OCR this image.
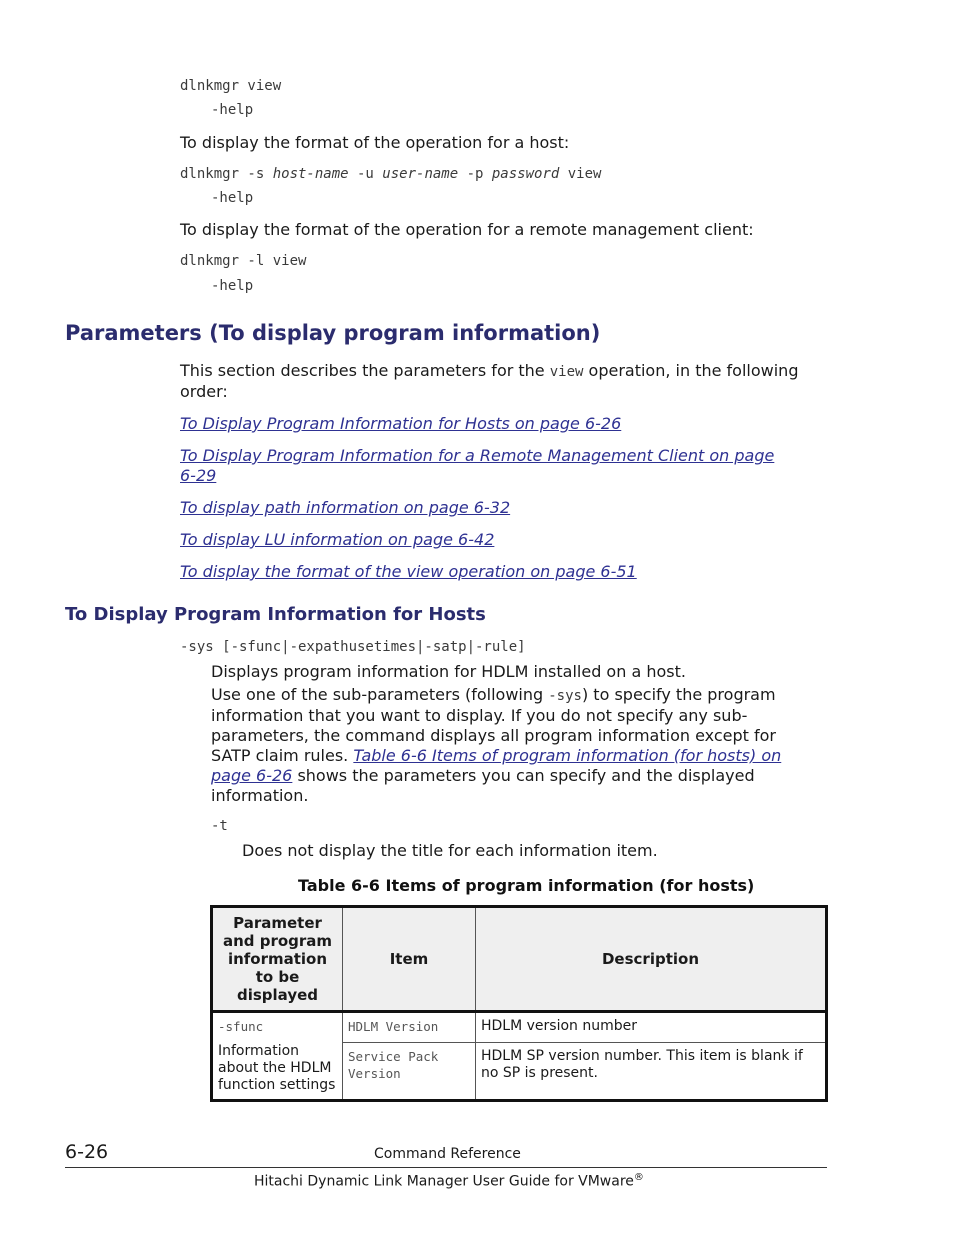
dlnkmgr view
-help

To display the format of the operation for a host:

dlnkmgr -s host-name -u user-name -p password view
-help

To display the format of the operation for a remote management client:

dlnkmgr -l view
-help
Parameters (To display program information)

This section describes the parameters for the view operation, in the following
order:

To Display Program Information for Hosts on page 6-26
To Display Program Information for a Remote Management Client on page
6-29
To display path information on page 6-32
To display LU information on page 6-42
To display the format of the view operation on page 6-51
To Display Program Information for Hosts
-sys [-sfunc|-expathusetimes|-satp|-rule]

Displays program information for HDLM installed on a host.

Use one of the sub-parameters (following -sys) to specify the program
information that you want to display. If you do not specify any sub-
parameters, the command displays all program information except for
SATP claim rules. Table 6-6 Items of program information (for hosts) on
page 6-26 shows the parameters you can specify and the displayed
information.
-t

Does not display the title for each information item.

Table 6-6 Items of program information (for hosts)
Parameter and program information to be displayed	Item	Description

-sfunc
Information about the HDLM function settings	HDLM Version	HDLM version number
	Service Pack Version	HDLM SP version number. This item is blank if no SP is present.
6-26	Command Reference
Hitachi Dynamic Link Manager User Guide for VMware®
